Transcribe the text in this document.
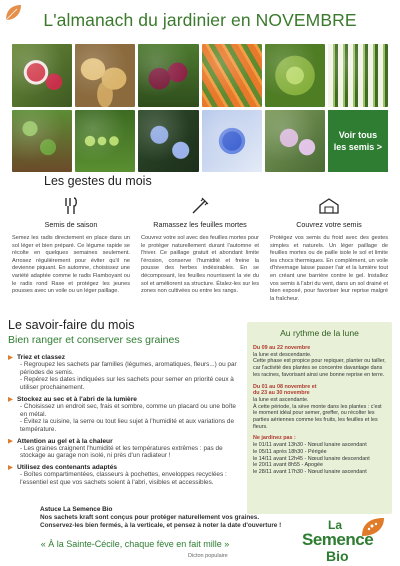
L'almanach du jardinier en NOVEMBRE
Voir tous
les semis >
Les gestes du mois
Semis de saison
Semez les radis directement en place dans un sol léger et bien préparé. Ce légume rapide se récolte en quelques semaines seulement. Arrosez régulièrement pour éviter qu'il ne devienne piquant. En automne, choisissez une variété adaptée comme le radis Flamboyant ou le radis rond Raxe et protégez les jeunes pousses avec un voile ou un léger paillage.
Ramassez les feuilles mortes
Couvrez votre sol avec des feuilles mortes pour le protéger naturellement durant l'automne et l'hiver. Ce paillage gratuit et abondant limite l'érosion, conserve l'humidité et freine la pousse des herbes indésirables. En se décomposant, les feuilles nourrissent la vie du sol et améliorent sa structure. Étalez-les sur les zones non cultivées ou entre les rangs.
Couvrez votre semis
Protégez vos semis du froid avec des gestes simples et naturels. Un léger paillage de feuilles mortes ou de paille isole le sol et limite les chocs thermiques. En complément, un voile d'hivernage laisse passer l'air et la lumière tout en créant une barrière contre le gel. Installez vos semis à l'abri du vent, dans un sol drainé et bien exposé, pour favoriser leur reprise malgré la fraîcheur.
Le savoir-faire du mois
Bien ranger et conserver ses graines
Triez et classez
- Regroupez les sachets par familles (légumes, aromatiques, fleurs...) ou par périodes de semis.
- Repérez les dates indiquées sur les sachets pour semer en priorité ceux à utiliser prochainement.
Stockez au sec et à l'abri de la lumière
- Choisissez un endroit sec, frais et sombre, comme un placard ou une boîte en métal.
- Évitez la cuisine, la serre ou tout lieu sujet à l'humidité et aux variations de température.
Attention au gel et à la chaleur
- Les graines craignent l'humidité et les températures extrêmes : pas de stockage au garage non isolé, ni près d'un radiateur !
Utilisez des contenants adaptés
- Boîtes compartimentées, classeurs à pochettes, enveloppes recyclées : l'essentiel est que vos sachets soient à l'abri, visibles et accessibles.
Au rythme de la lune
Du 09 au 22 novembre
la lune est descendante.
Cette phase est propice pour repiquer, planter ou tailler, car l'activité des plantes se concentre davantage dans les racines, favorisant ainsi une bonne reprise en terre.
Du 01 au 08 novembre et
du 23 au 30 novembre
la lune est ascendante.
À cette période, la sève monte dans les plantes : c'est le moment idéal pour semer, greffer, ou récolter les parties aériennes comme les fruits, les feuilles et les fleurs.
Ne jardinez pas :
le 01/11 avant 13h30 - Nœud lunaire ascendant
le 05/11 après 18h30 - Périgée
le 14/11 avant 12h45 - Nœud lunaire descendant
le 20/11 avant 8h55 - Apogée
le 28/11 avant 17h30 - Nœud lunaire ascendant
Astuce La Semence Bio
Nos sachets kraft sont conçus pour protéger naturellement vos graines.
Conservez-les bien fermés, à la verticale, et pensez à noter la date d'ouverture !
« À la Sainte-Cécile, chaque fève en fait mille »
Dicton populaire
La
Semence
Bio
